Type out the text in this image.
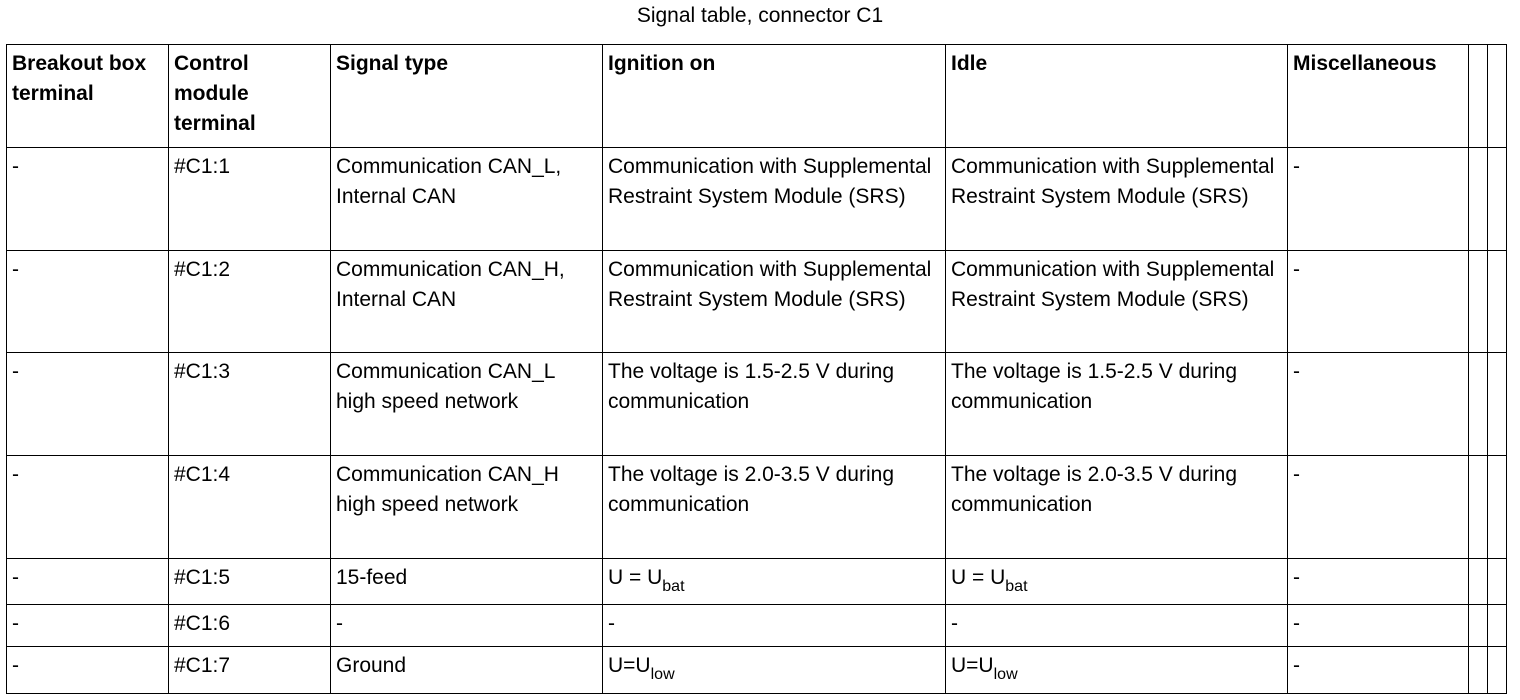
Signal table, connector C1
Breakout box terminal	Control module terminal	Signal type	Ignition on	Idle	Miscellaneous		
-	#C1:1	Communication CAN_L, Internal CAN	Communication with Supplemental Restraint System Module (SRS)	Communication with Supplemental Restraint System Module (SRS)	-		
-	#C1:2	Communication CAN_H, Internal CAN	Communication with Supplemental Restraint System Module (SRS)	Communication with Supplemental Restraint System Module (SRS)	-		
-	#C1:3	Communication CAN_L high speed network	The voltage is 1.5-2.5 V during communication	The voltage is 1.5-2.5 V during communication	-		
-	#C1:4	Communication CAN_H high speed network	The voltage is 2.0-3.5 V during communication	The voltage is 2.0-3.5 V during communication	-		
-	#C1:5	15-feed	$U = U_{bat}$	$U = U_{bat}$	-		
-	#C1:6	-	-	-	-		
-	#C1:7	Ground	$U=U_{low}$	$U=U_{low}$	-		
